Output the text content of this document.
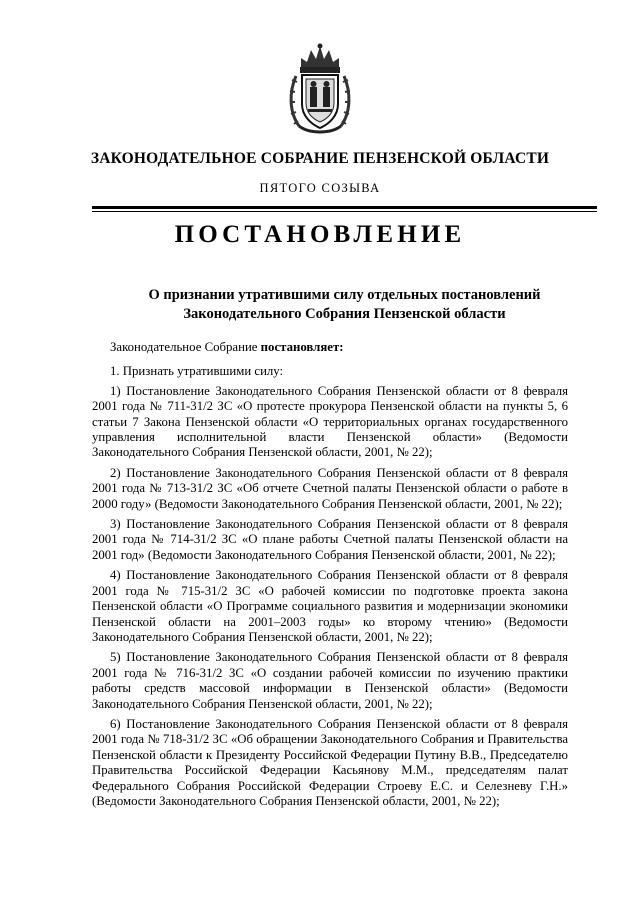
ЗАКОНОДАТЕЛЬНОЕ СОБРАНИЕ ПЕНЗЕНСКОЙ ОБЛАСТИ
ПЯТОГО СОЗЫВА
ПОСТАНОВЛЕНИЕ
О признании утратившими силу отдельных постановлений
Законодательного Собрания Пензенской области

Законодательное Собрание постановляет:

1. Признать утратившими силу:

1) Постановление Законодательного Собрания Пензенской области от 8 февраля 2001 года № 711-31/2 ЗС «О протесте прокурора Пензенской области на пункты 5, 6 статьи 7 Закона Пензенской области «О территориальных органах государственного управления исполнительной власти Пензенской области» (Ведомости Законодательного Собрания Пензенской области, 2001, № 22);

2) Постановление Законодательного Собрания Пензенской области от 8 февраля 2001 года № 713-31/2 ЗС «Об отчете Счетной палаты Пензенской области о работе в 2000 году» (Ведомости Законодательного Собрания Пензенской области, 2001, № 22);

3) Постановление Законодательного Собрания Пензенской области от 8 февраля 2001 года № 714-31/2 ЗС «О плане работы Счетной палаты Пензенской области на 2001 год» (Ведомости Законодательного Собрания Пензенской области, 2001, № 22);

4) Постановление Законодательного Собрания Пензенской области от 8 февраля 2001 года № 715-31/2 ЗС «О рабочей комиссии по подготовке проекта закона Пензенской области «О Программе социального развития и модернизации экономики Пензенской области на 2001–2003 годы» ко второму чтению» (Ведомости Законодательного Собрания Пензенской области, 2001, № 22);

5) Постановление Законодательного Собрания Пензенской области от 8 февраля 2001 года № 716-31/2 ЗС «О создании рабочей комиссии по изучению практики работы средств массовой информации в Пензенской области» (Ведомости Законодательного Собрания Пензенской области, 2001, № 22);

6) Постановление Законодательного Собрания Пензенской области от 8 февраля 2001 года № 718-31/2 ЗС «Об обращении Законодательного Собрания и Правительства Пензенской области к Президенту Российской Федерации Путину В.В., Председателю Правительства Российской Федерации Касьянову М.М., председателям палат Федерального Собрания Российской Федерации Строеву Е.С. и Селезневу Г.Н.» (Ведомости Законодательного Собрания Пензенской области, 2001, № 22);
